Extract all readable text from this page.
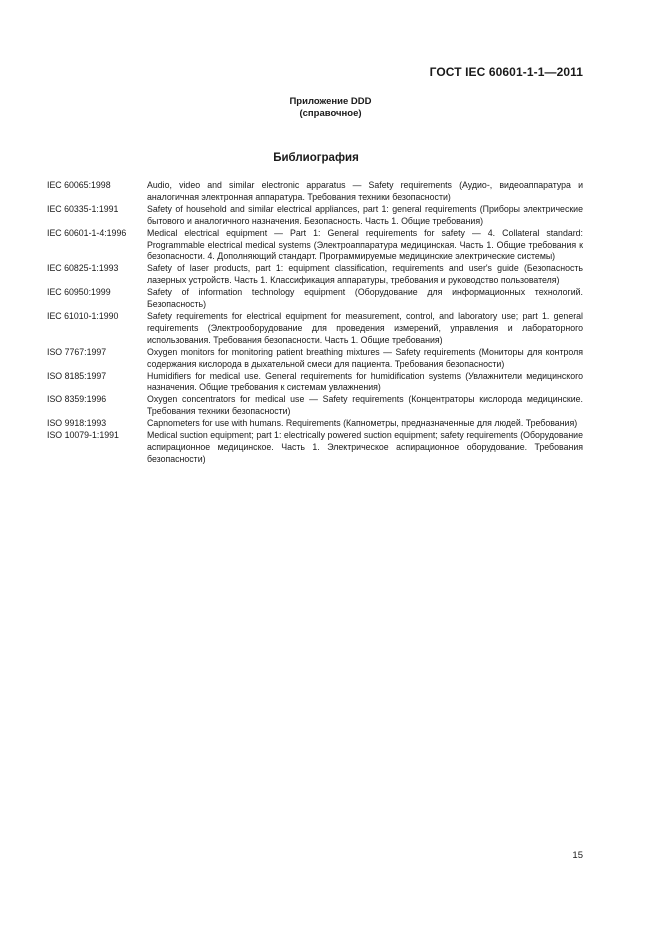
ГОСТ IEC 60601-1-1—2011
Приложение DDD
(справочное)
Библиография
IEC 60065:1998	Audio, video and similar electronic apparatus — Safety requirements (Аудио-, видеоаппаратура и аналогичная электронная аппаратура. Требования техники безопасности)
IEC 60335-1:1991	Safety of household and similar electrical appliances, part 1: general requirements (Приборы электрические бытового и аналогичного назначения. Безопасность. Часть 1. Общие требования)
IEC 60601-1-4:1996	Medical electrical equipment — Part 1: General requirements for safety — 4. Collateral standard: Programmable electrical medical systems (Электроаппаратура медицинская. Часть 1. Общие требования к безопасности. 4. Дополняющий стандарт. Программируемые медицинские электрические системы)
IEC 60825-1:1993	Safety of laser products, part 1: equipment classification, requirements and user's guide (Безопасность лазерных устройств. Часть 1. Классификация аппаратуры, требования и руководство пользователя)
IEC 60950:1999	Safety of information technology equipment (Оборудование для информационных технологий. Безопасность)
IEC 61010-1:1990	Safety requirements for electrical equipment for measurement, control, and laboratory use; part 1. general requirements (Электрооборудование для проведения измерений, управления и лабораторного использования. Требования безопасности. Часть 1. Общие требования)
ISO 7767:1997	Oxygen monitors for monitoring patient breathing mixtures — Safety requirements (Мониторы для контроля содержания кислорода в дыхательной смеси для пациента. Требования безопасности)
ISO 8185:1997	Humidifiers for medical use. General requirements for humidification systems (Увлажнители медицинского назначения. Общие требования к системам увлажнения)
ISO 8359:1996	Oxygen concentrators for medical use — Safety requirements (Концентраторы кислорода медицинские. Требования техники безопасности)
ISO 9918:1993	Capnometers for use with humans. Requirements (Капнометры, предназначенные для людей. Требования)
ISO 10079-1:1991	Medical suction equipment; part 1: electrically powered suction equipment; safety requirements (Оборудование аспирационное медицинское. Часть 1. Электрическое аспирационное оборудование. Требования безопасности)
15
